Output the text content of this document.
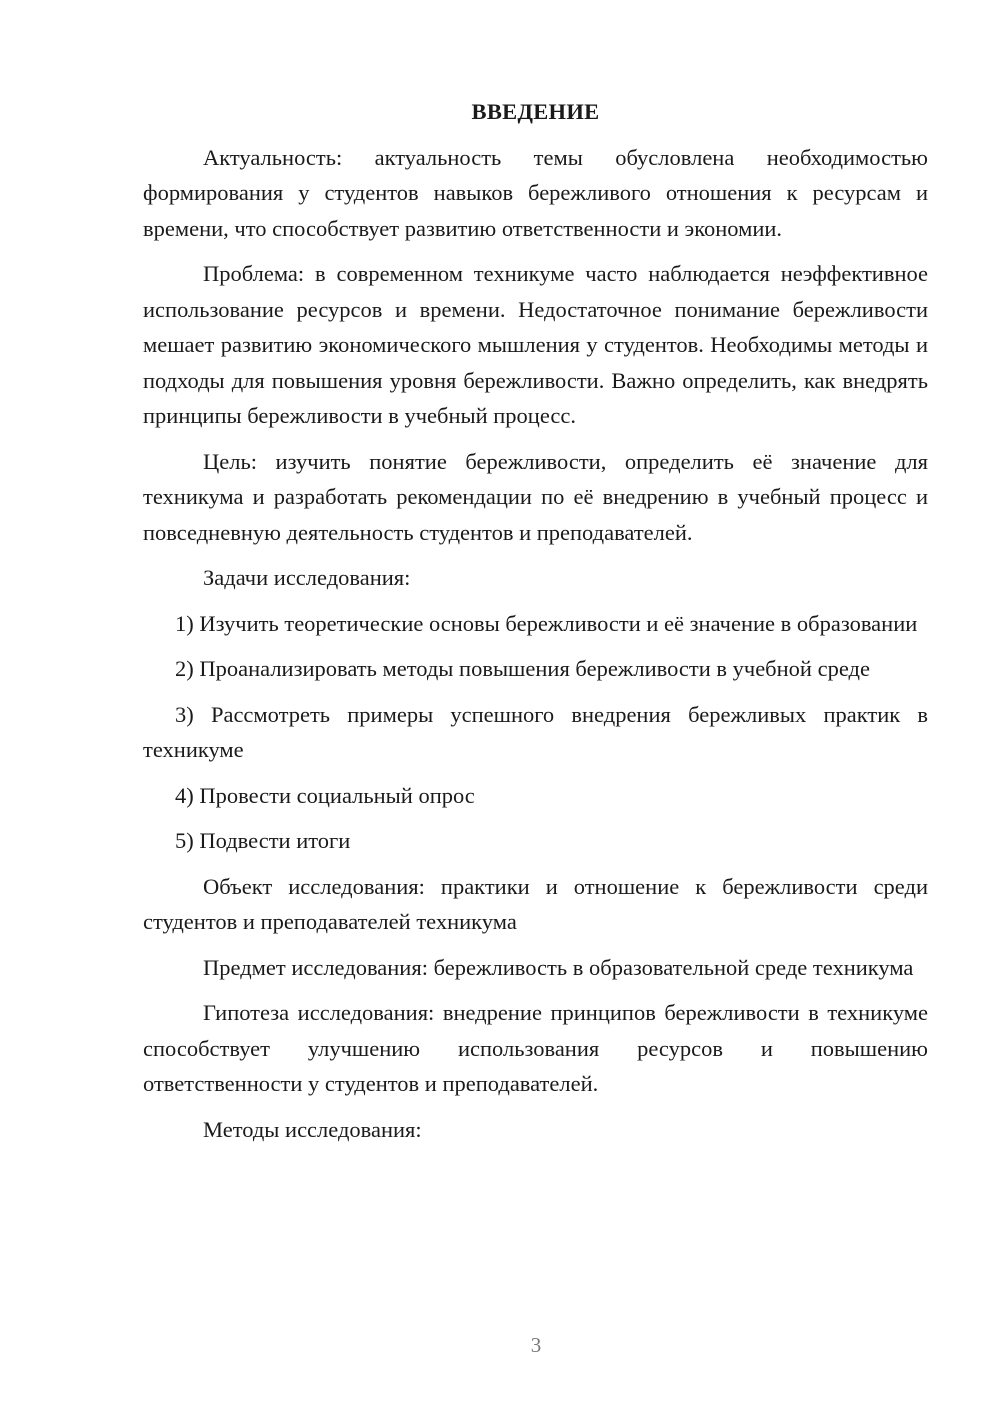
ВВЕДЕНИЕ

Актуальность: актуальность темы обусловлена необходимостью формирования у студентов навыков бережливого отношения к ресурсам и времени, что способствует развитию ответственности и экономии.

Проблема: в современном техникуме часто наблюдается неэффективное использование ресурсов и времени. Недостаточное понимание бережливости мешает развитию экономического мышления у студентов. Необходимы методы и подходы для повышения уровня бережливости. Важно определить, как внедрять принципы бережливости в учебный процесс.

Цель: изучить понятие бережливости, определить её значение для техникума и разработать рекомендации по её внедрению в учебный процесс и повседневную деятельность студентов и преподавателей.

Задачи исследования:

1) Изучить теоретические основы бережливости и её значение в образовании

2) Проанализировать методы повышения бережливости в учебной среде

3) Рассмотреть примеры успешного внедрения бережливых практик в техникуме

4) Провести социальный опрос

5) Подвести итоги

Объект исследования: практики и отношение к бережливости среди студентов и преподавателей техникума

Предмет исследования: бережливость в образовательной среде техникума

Гипотеза исследования: внедрение принципов бережливости в техникуме способствует улучшению использования ресурсов и повышению ответственности у студентов и преподавателей.

Методы исследования:

3
